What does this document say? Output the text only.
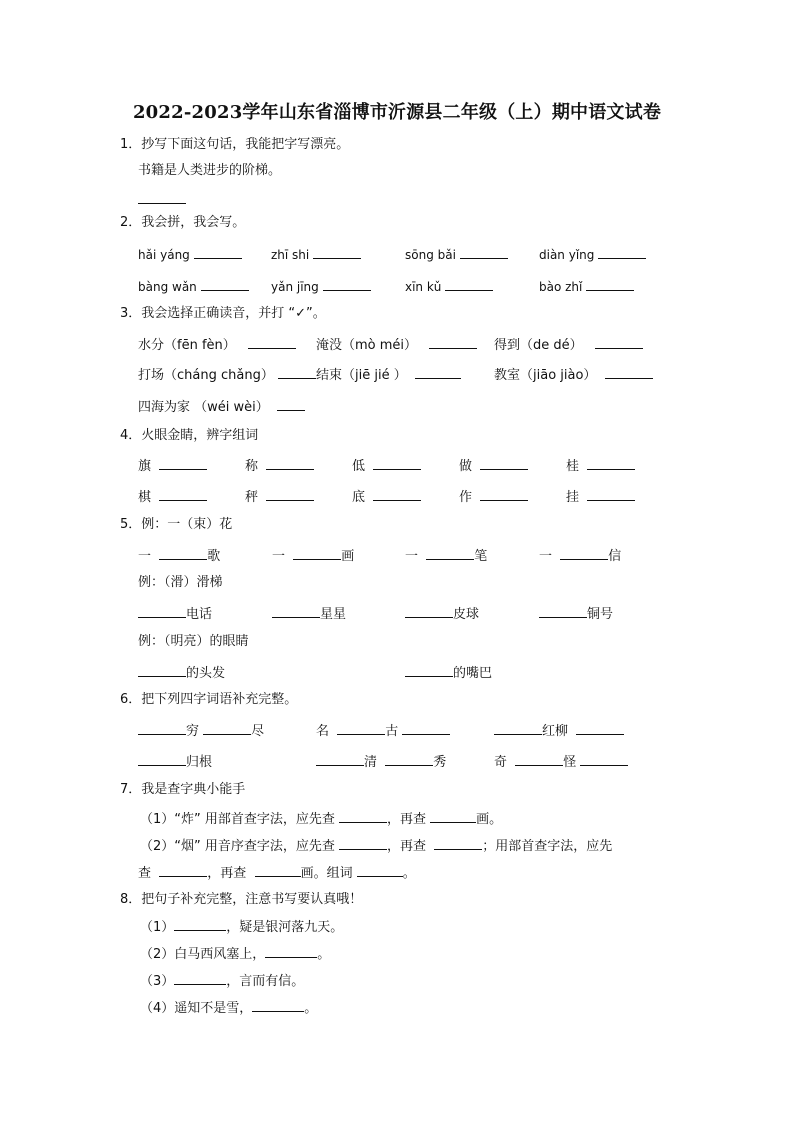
2022-2023学年山东省淄博市沂源县二年级（上）期中语文试卷
1．抄写下面这句话，我能把字写漂亮。
书籍是人类进步的阶梯。
2．我会拼，我会写。
hǎi yáng	zhī shi	sōng bǎi	diàn yǐng
bàng wǎn	yǎn jīng	xīn kǔ	bào zhǐ
3．我会选择正确读音，并打 “✓”。
水分（fēn fèn）	淹没（mò méi）	得到（de dé）
打场（cháng chǎng）	结束（jiē jié ）	教室（jiāo jiào）
四海为家 （wéi wèi）
4．火眼金睛，辨字组词
旗	称	低	做	桂
棋	秤	底	作	挂
5．例：一（束）花
一	歌	一	画	一	笔	一	信
例：（滑）滑梯
电话	星星	皮球	铜号
例：（明亮）的眼睛
的头发	的嘴巴
6．把下列四字词语补充完整。
穷	尽	名	古	红柳
归根	清	秀	奇	怪
7．我是查字典小能手
（1）“炸” 用部首查字法，应先查	，再查	画。
（2）“烟” 用音序查字法，应先查	，再查	；用部首查字法，应先
查	，再查	画。组词	。
8．把句子补充完整，注意书写要认真哦！
（1）	，疑是银河落九天。
（2）白马西风塞上，	。
（3）	，言而有信。
（4）遥知不是雪，	。
